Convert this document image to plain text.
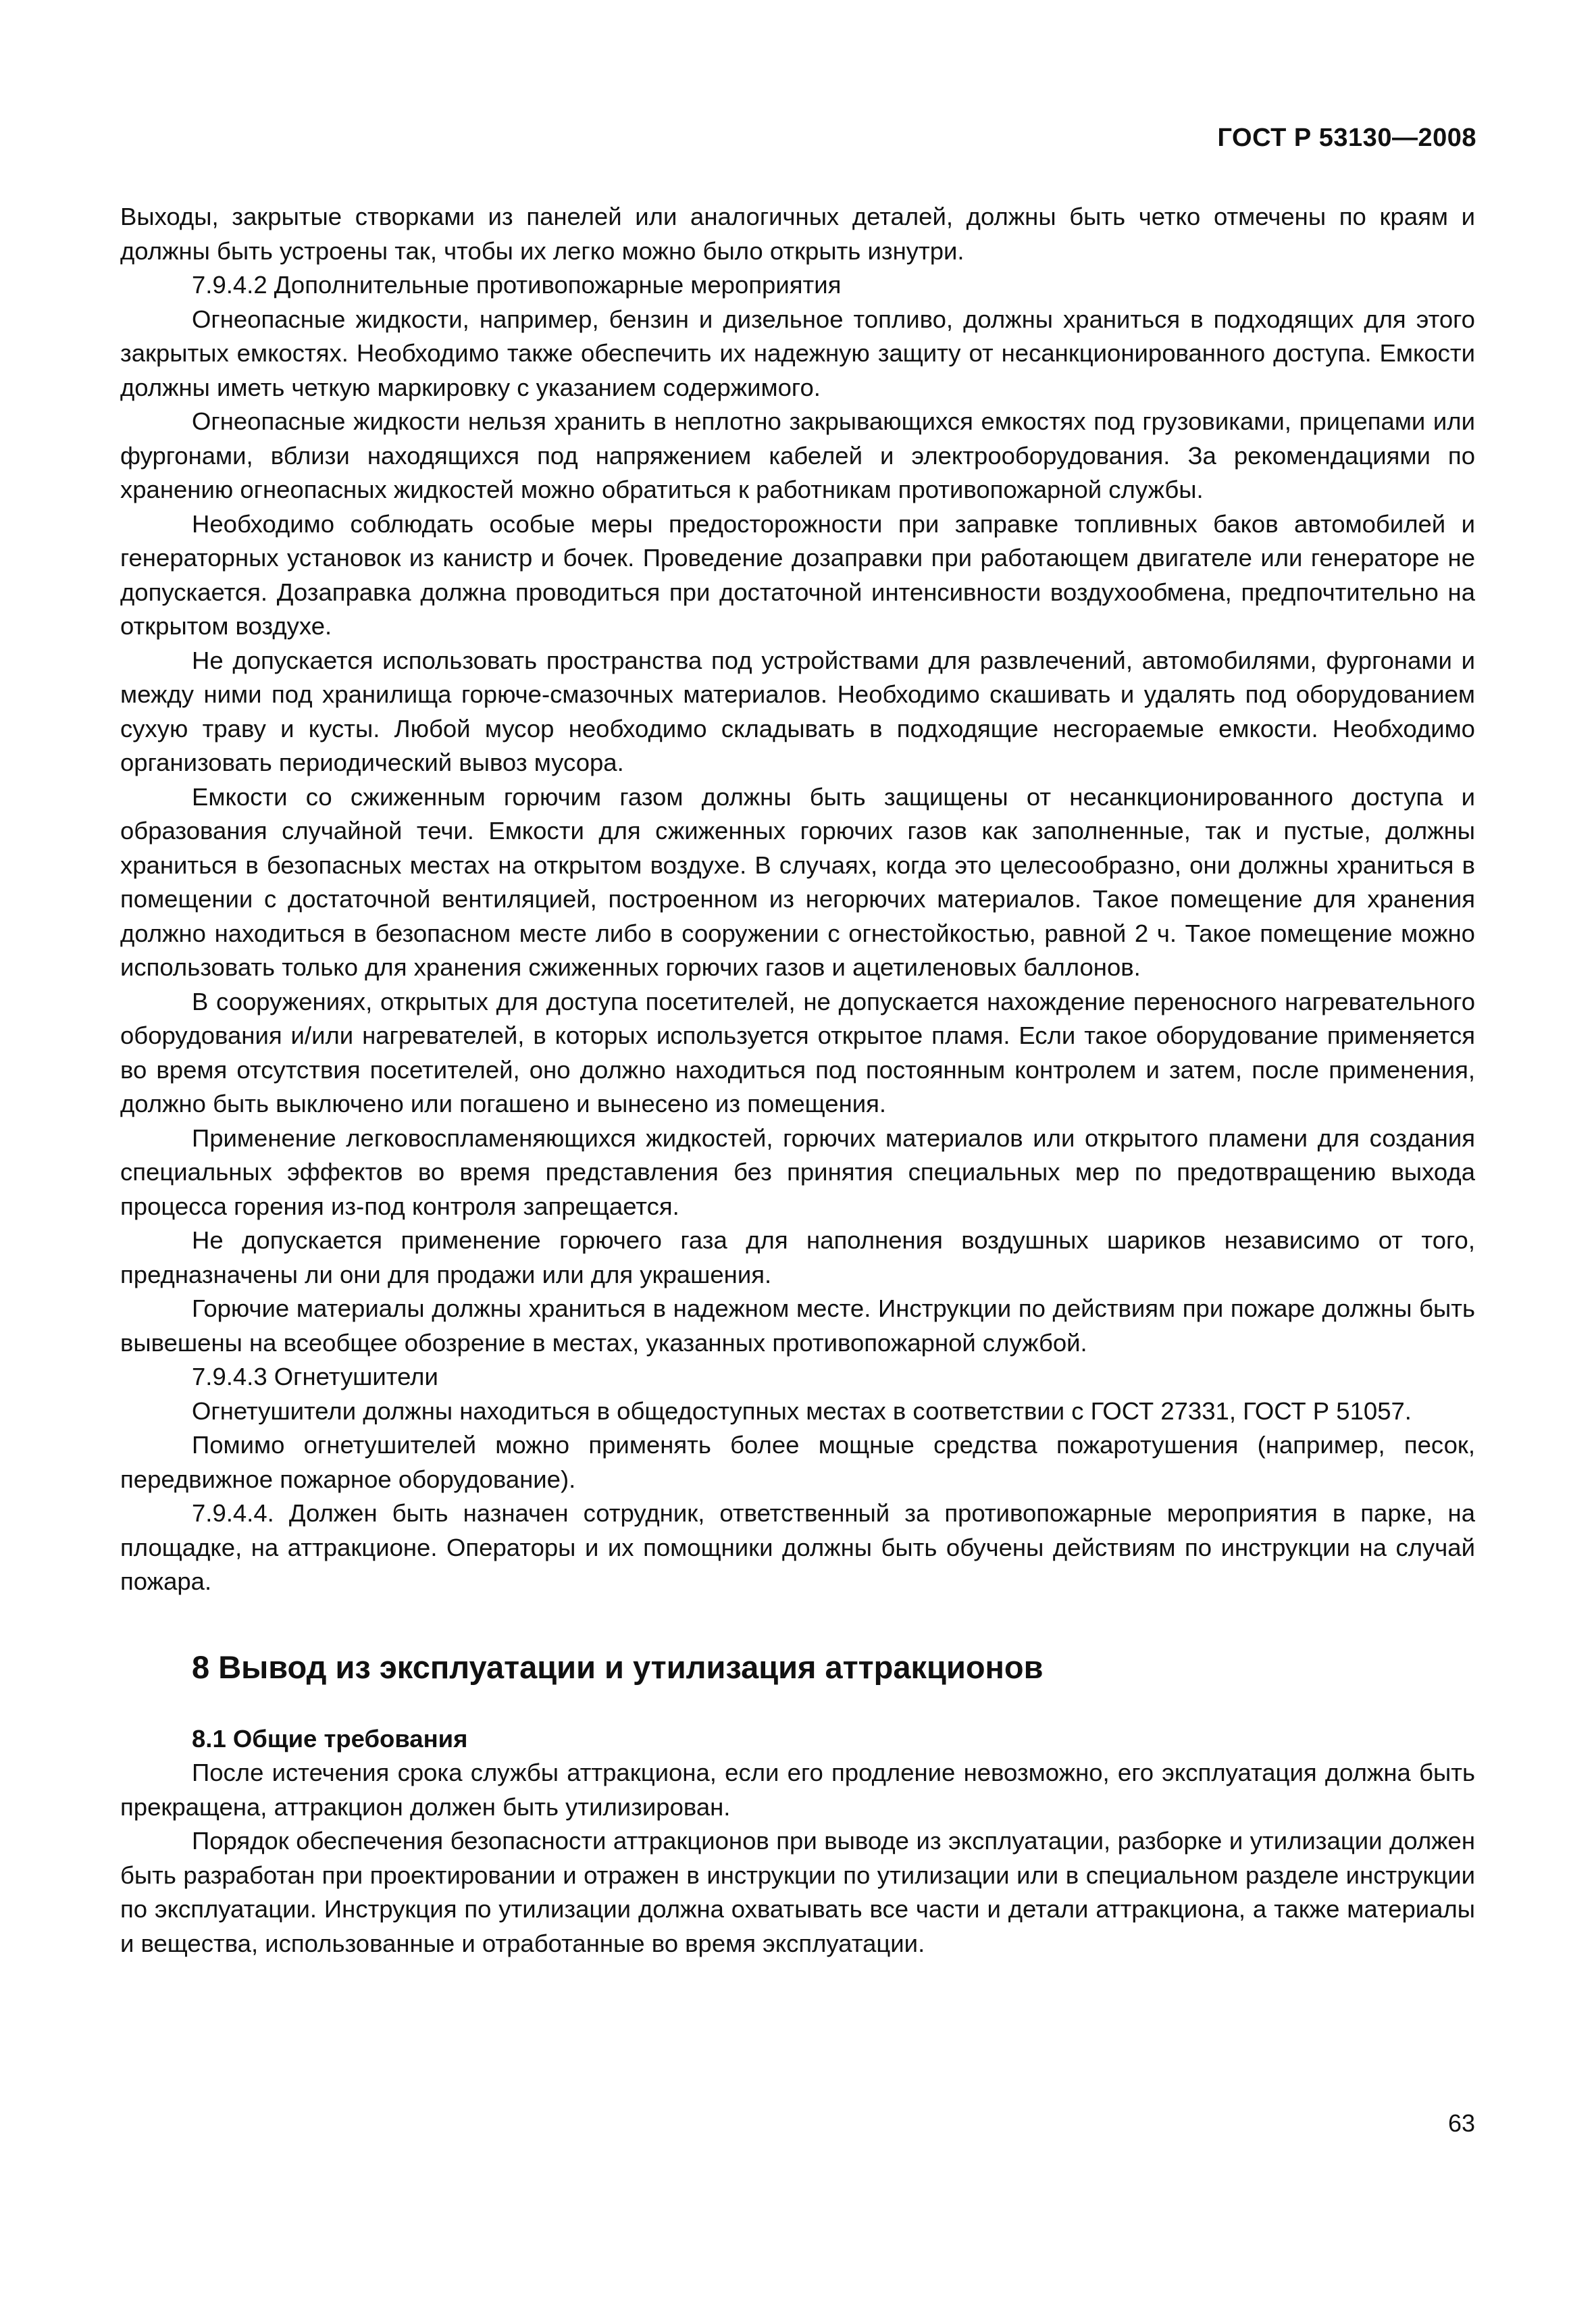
ГОСТ Р 53130—2008

Выходы, закрытые створками из панелей или аналогичных деталей, должны быть четко отмечены по краям и должны быть устроены так, чтобы их легко можно было открыть изнутри.

7.9.4.2 Дополнительные противопожарные мероприятия

Огнеопасные жидкости, например, бензин и дизельное топливо, должны храниться в подходящих для этого закрытых емкостях. Необходимо также обеспечить их надежную защиту от несанкционированного доступа. Емкости должны иметь четкую маркировку с указанием содержимого.

Огнеопасные жидкости нельзя хранить в неплотно закрывающихся емкостях под грузовиками, прицепами или фургонами, вблизи находящихся под напряжением кабелей и электрооборудования. За рекомендациями по хранению огнеопасных жидкостей можно обратиться к работникам противопожарной службы.

Необходимо соблюдать особые меры предосторожности при заправке топливных баков автомобилей и генераторных установок из канистр и бочек. Проведение дозаправки при работающем двигателе или генераторе не допускается. Дозаправка должна проводиться при достаточной интенсивности воздухообмена, предпочтительно на открытом воздухе.

Не допускается использовать пространства под устройствами для развлечений, автомобилями, фургонами и между ними под хранилища горюче-смазочных материалов. Необходимо скашивать и удалять под оборудованием сухую траву и кусты. Любой мусор необходимо складывать в подходящие несгораемые емкости. Необходимо организовать периодический вывоз мусора.

Емкости со сжиженным горючим газом должны быть защищены от несанкционированного доступа и образования случайной течи. Емкости для сжиженных горючих газов как заполненные, так и пустые, должны храниться в безопасных местах на открытом воздухе. В случаях, когда это целесообразно, они должны храниться в помещении с достаточной вентиляцией, построенном из негорючих материалов. Такое помещение для хранения должно находиться в безопасном месте либо в сооружении с огнестойкостью, равной 2 ч. Такое помещение можно использовать только для хранения сжиженных горючих газов и ацетиленовых баллонов.

В сооружениях, открытых для доступа посетителей, не допускается нахождение переносного нагревательного оборудования и/или нагревателей, в которых используется открытое пламя. Если такое оборудование применяется во время отсутствия посетителей, оно должно находиться под постоянным контролем и затем, после применения, должно быть выключено или погашено и вынесено из помещения.

Применение легковоспламеняющихся жидкостей, горючих материалов или открытого пламени для создания специальных эффектов во время представления без принятия специальных мер по предотвращению выхода процесса горения из-под контроля запрещается.

Не допускается применение горючего газа для наполнения воздушных шариков независимо от того, предназначены ли они для продажи или для украшения.

Горючие материалы должны храниться в надежном месте. Инструкции по действиям при пожаре должны быть вывешены на всеобщее обозрение в местах, указанных противопожарной службой.

7.9.4.3 Огнетушители

Огнетушители должны находиться в общедоступных местах в соответствии с ГОСТ 27331, ГОСТ Р 51057.

Помимо огнетушителей можно применять более мощные средства пожаротушения (например, песок, передвижное пожарное оборудование).

7.9.4.4. Должен быть назначен сотрудник, ответственный за противопожарные мероприятия в парке, на площадке, на аттракционе. Операторы и их помощники должны быть обучены действиям по инструкции на случай пожара.

8 Вывод из эксплуатации и утилизация аттракционов
8.1 Общие требования

После истечения срока службы аттракциона, если его продление невозможно, его эксплуатация должна быть прекращена, аттракцион должен быть утилизирован.

Порядок обеспечения безопасности аттракционов при выводе из эксплуатации, разборке и утилизации должен быть разработан при проектировании и отражен в инструкции по утилизации или в специальном разделе инструкции по эксплуатации. Инструкция по утилизации должна охватывать все части и детали аттракциона, а также материалы и вещества, использованные и отработанные во время эксплуатации.

63
